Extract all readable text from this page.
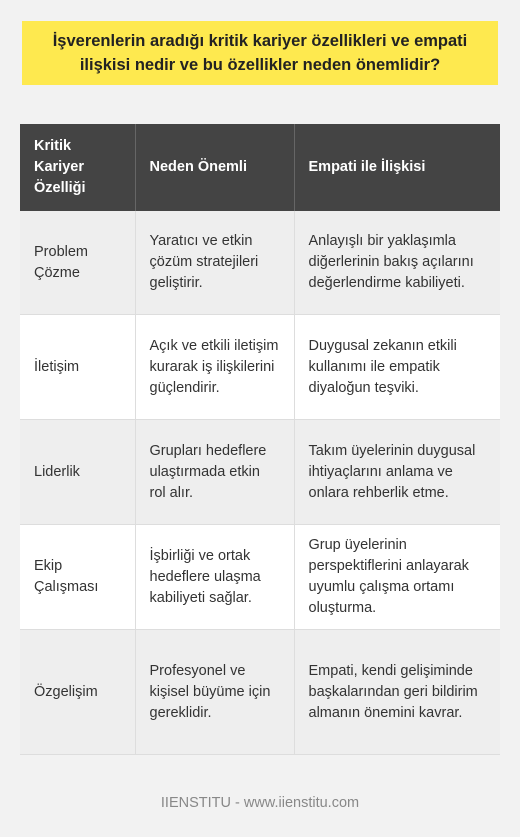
İşverenlerin aradığı kritik kariyer özellikleri ve empati ilişkisi nedir ve bu özellikler neden önemlidir?
Kritik Kariyer Özelliği	Neden Önemli	Empati ile İlişkisi
Problem Çözme	Yaratıcı ve etkin çözüm stratejileri geliştirir.	Anlayışlı bir yaklaşımla diğerlerinin bakış açılarını değerlendirme kabiliyeti.
İletişim	Açık ve etkili iletişim kurarak iş ilişkilerini güçlendirir.	Duygusal zekanın etkili kullanımı ile empatik diyaloğun teşviki.
Liderlik	Grupları hedeflere ulaştırmada etkin rol alır.	Takım üyelerinin duygusal ihtiyaçlarını anlama ve onlara rehberlik etme.
Ekip Çalışması	İşbirliği ve ortak hedeflere ulaşma kabiliyeti sağlar.	Grup üyelerinin perspektiflerini anlayarak uyumlu çalışma ortamı oluşturma.
Özgelişim	Profesyonel ve kişisel büyüme için gereklidir.	Empati, kendi gelişiminde başkalarından geri bildirim almanın önemini kavrar.
IIENSTITU - www.iienstitu.com
